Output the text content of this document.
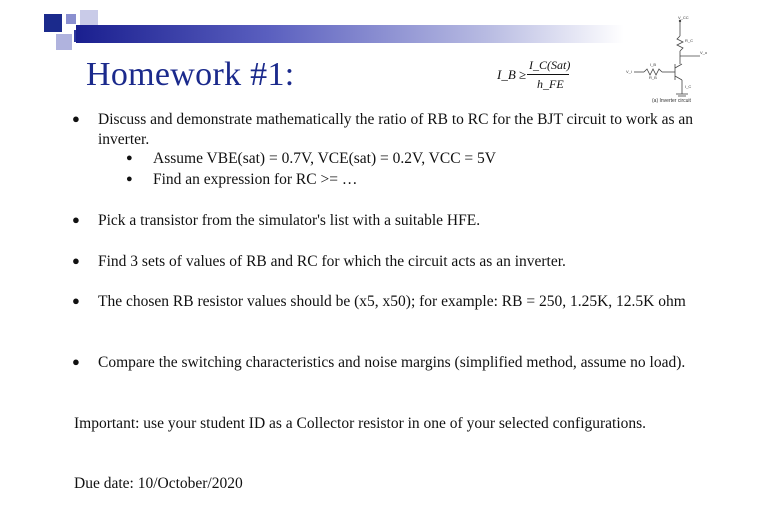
Homework #1:	I_B ≥
I_C(Sat)
h_FE
V_CC
V_i
V_o
R_B
R_C
I_B
I_C
(a) Inverter circuit
● Discuss and demonstrate mathematically the ratio of RB to RC for the BJT circuit to work as an inverter.
● Assume VBE(sat) = 0.7V, VCE(sat) = 0.2V, VCC = 5V
● Find an expression for RC >= …
● Pick a transistor from the simulator's list with a suitable HFE.
● Find 3 sets of values of RB and RC for which the circuit acts as an inverter.
● The chosen RB resistor values should be (x5, x50); for example: RB = 250, 1.25K, 12.5K ohm
● Compare the switching characteristics and noise margins (simplified method, assume no load).
Important: use your student ID as a Collector resistor in one of your selected configurations.
Due date: 10/October/2020
